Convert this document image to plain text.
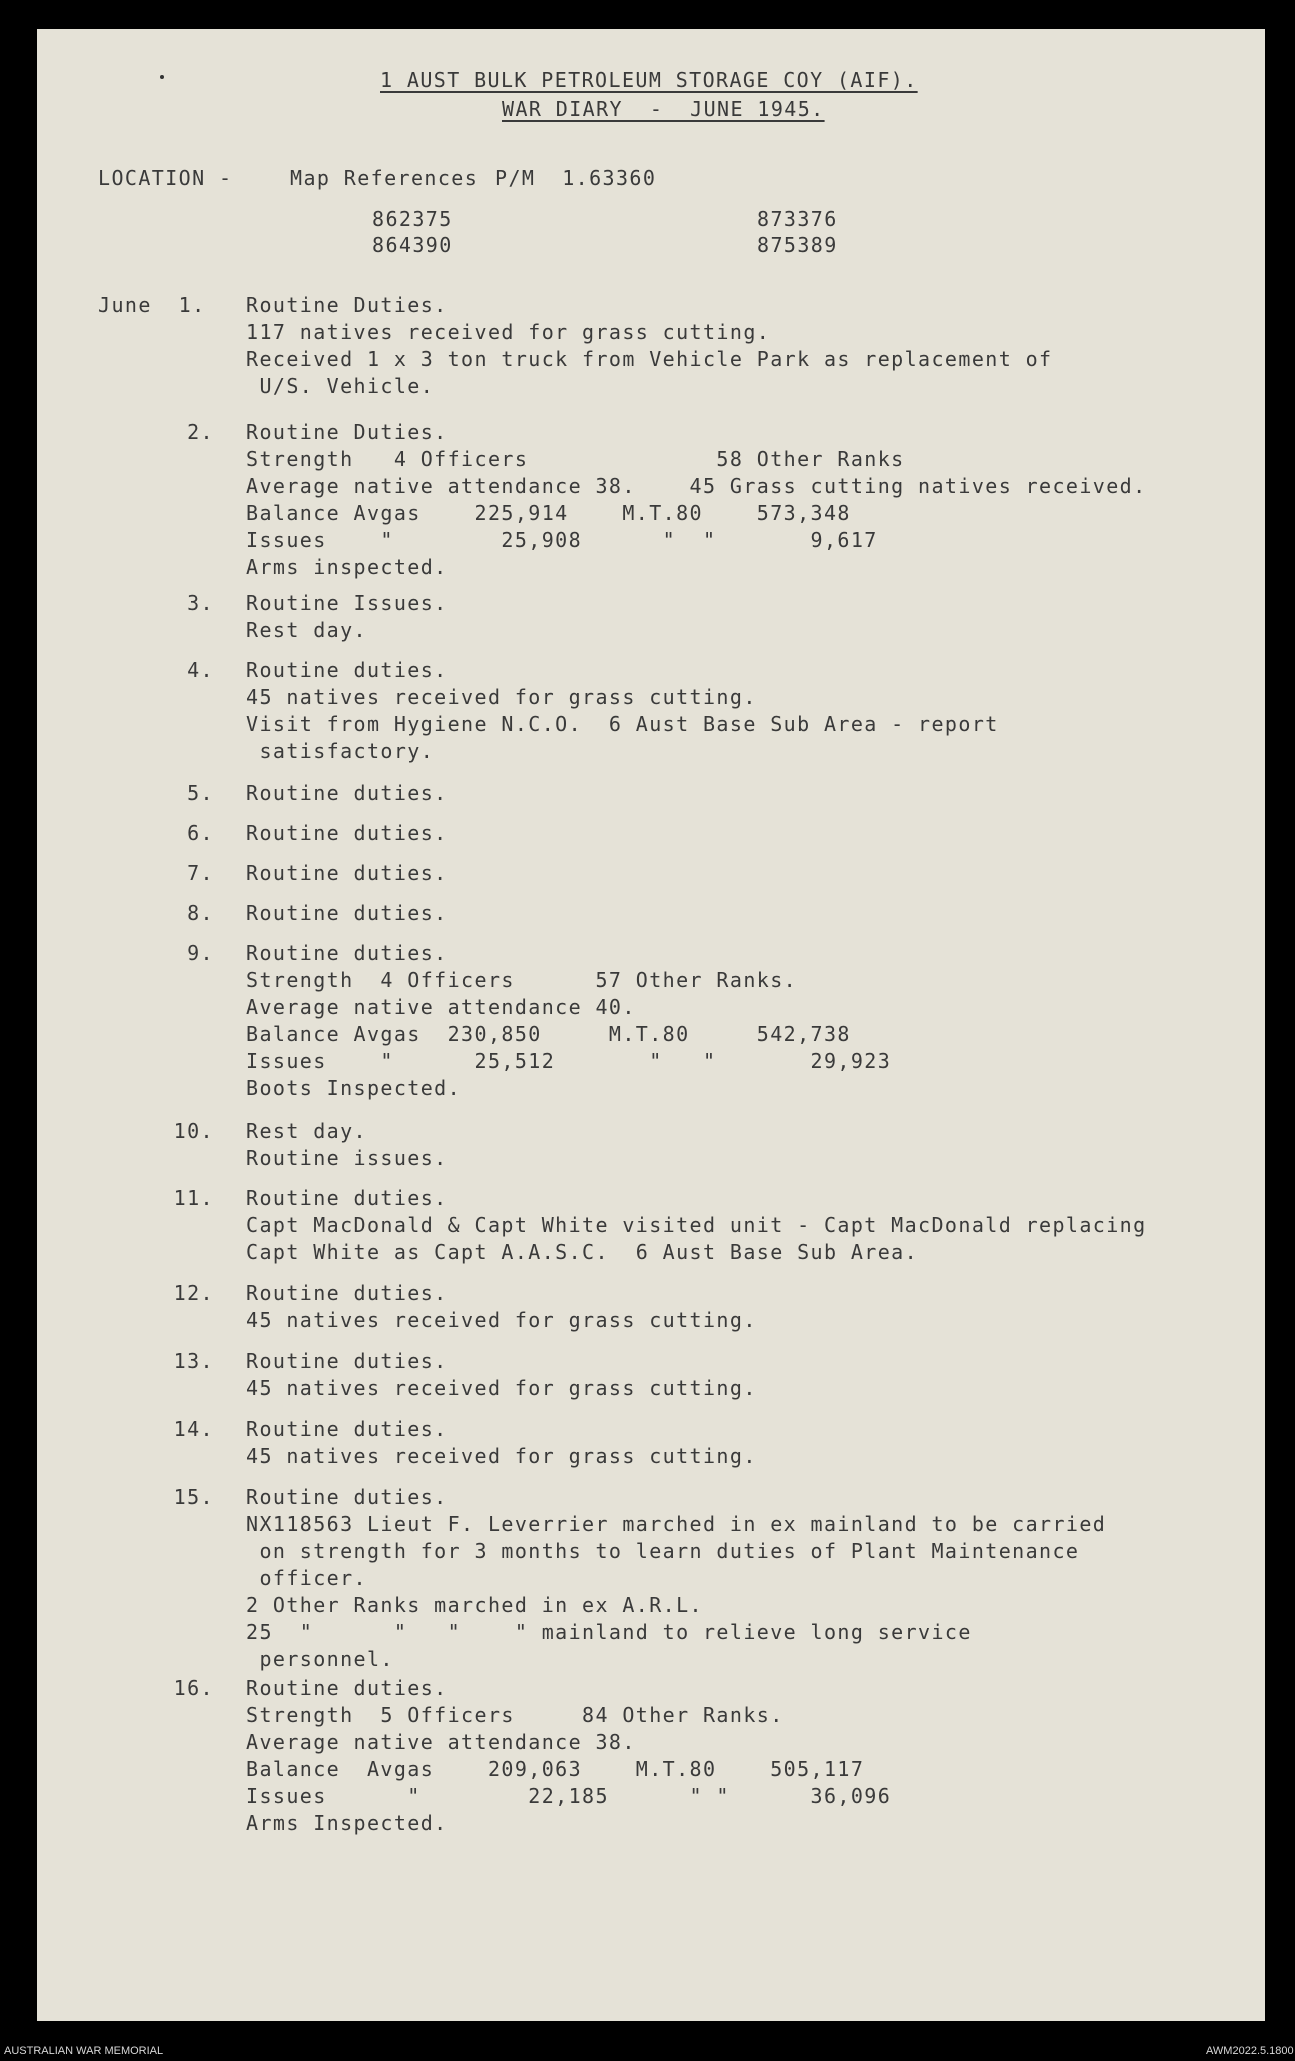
1 AUST BULK PETROLEUM STORAGE COY (AIF).
WAR DIARY  -  JUNE 1945.
LOCATION -	Map References P/M  1.63360
862375
864390
873376
875389
June  1. Routine Duties.
117 natives received for grass cutting.
Received 1 x 3 ton truck from Vehicle Park as replacement of
U/S. Vehicle.
2. Routine Duties.
Strength   4 Officers              58 Other Ranks
Average native attendance 38.    45 Grass cutting natives received.
Balance Avgas    225,914    M.T.80    573,348
Issues    "        25,908      "  "       9,617
Arms inspected.
3. Routine Issues.
Rest day.
4. Routine duties.
45 natives received for grass cutting.
Visit from Hygiene N.C.O.  6 Aust Base Sub Area - report
satisfactory.
5. Routine duties.
6. Routine duties.
7. Routine duties.
8. Routine duties.
9. Routine duties.
Strength  4 Officers      57 Other Ranks.
Average native attendance 40.
Balance Avgas  230,850     M.T.80     542,738
Issues    "      25,512       "   "       29,923
Boots Inspected.
10. Rest day.
Routine issues.
11. Routine duties.
Capt MacDonald & Capt White visited unit - Capt MacDonald replacing
Capt White as Capt A.A.S.C.  6 Aust Base Sub Area.
12. Routine duties.
45 natives received for grass cutting.
13. Routine duties.
45 natives received for grass cutting.
14. Routine duties.
45 natives received for grass cutting.
15. Routine duties.
NX118563 Lieut F. Leverrier marched in ex mainland to be carried
on strength for 3 months to learn duties of Plant Maintenance
officer.
2 Other Ranks marched in ex A.R.L.
25  "      "   "    " mainland to relieve long service
personnel.
16. Routine duties.
Strength  5 Officers     84 Other Ranks.
Average native attendance 38.
Balance  Avgas    209,063    M.T.80    505,117
Issues      "        22,185      " "      36,096
Arms Inspected.
AUSTRALIAN WAR MEMORIAL	AWM2022.5.1800
